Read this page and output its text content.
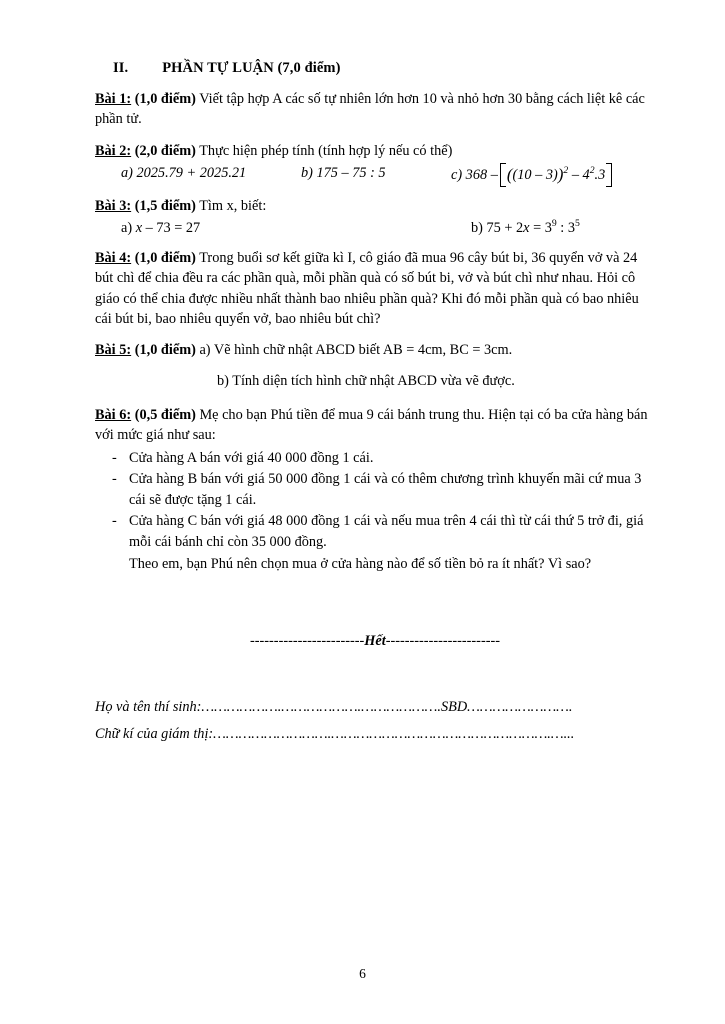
II. PHẦN TỰ LUẬN (7,0 điểm)

Bài 1: (1,0 điểm) Viết tập hợp A các số tự nhiên lớn hơn 10 và nhỏ hơn 30 bằng cách liệt kê các phần tử.

Bài 2: (2,0 điểm) Thực hiện phép tính (tính hợp lý nếu có thể)

a) 2025.79 + 2025.21	b) 175 – 75 : 5	c) $368 - ((10 - 3))^2 - 4^2.3$

Bài 3: (1,5 điểm) Tìm x, biết:

a) x – 73 = 27	b) $75 + 2x = 3^9$ : $3^5$

Bài 4: (1,0 điểm) Trong buổi sơ kết giữa kì I, cô giáo đã mua 96 cây bút bi, 36 quyển vở và 24 bút chì để chia đều ra các phần quà, mỗi phần quà có số bút bi, vở và bút chì như nhau. Hỏi cô giáo có thể chia được nhiều nhất thành bao nhiêu phần quà? Khi đó mỗi phần quà có bao nhiêu cái bút bi, bao nhiêu quyển vở, bao nhiêu bút chì?

Bài 5: (1,0 điểm) a) Vẽ hình chữ nhật ABCD biết AB = 4cm, BC = 3cm.

b) Tính diện tích hình chữ nhật ABCD vừa vẽ được.

Bài 6: (0,5 điểm) Mẹ cho bạn Phú tiền để mua 9 cái bánh trung thu. Hiện tại có ba cửa hàng bán với mức giá như sau:

- Cửa hàng A bán với giá 40 000 đồng 1 cái.
- Cửa hàng B bán với giá 50 000 đồng 1 cái và có thêm chương trình khuyến mãi cứ mua 3 cái sẽ được tặng 1 cái.
- Cửa hàng C bán với giá 48 000 đồng 1 cái và nếu mua trên 4 cái thì từ cái thứ 5 trở đi, giá mỗi cái bánh chỉ còn 35 000 đồng.

Theo em, bạn Phú nên chọn mua ở cửa hàng nào để số tiền bỏ ra ít nhất? Vì sao?

------------------------Hết------------------------
Họ và tên thí sinh:……………….……………….……………….SBD…………………….
Chữ kí của giám thị:……………………….…………………………………………….…...
6
